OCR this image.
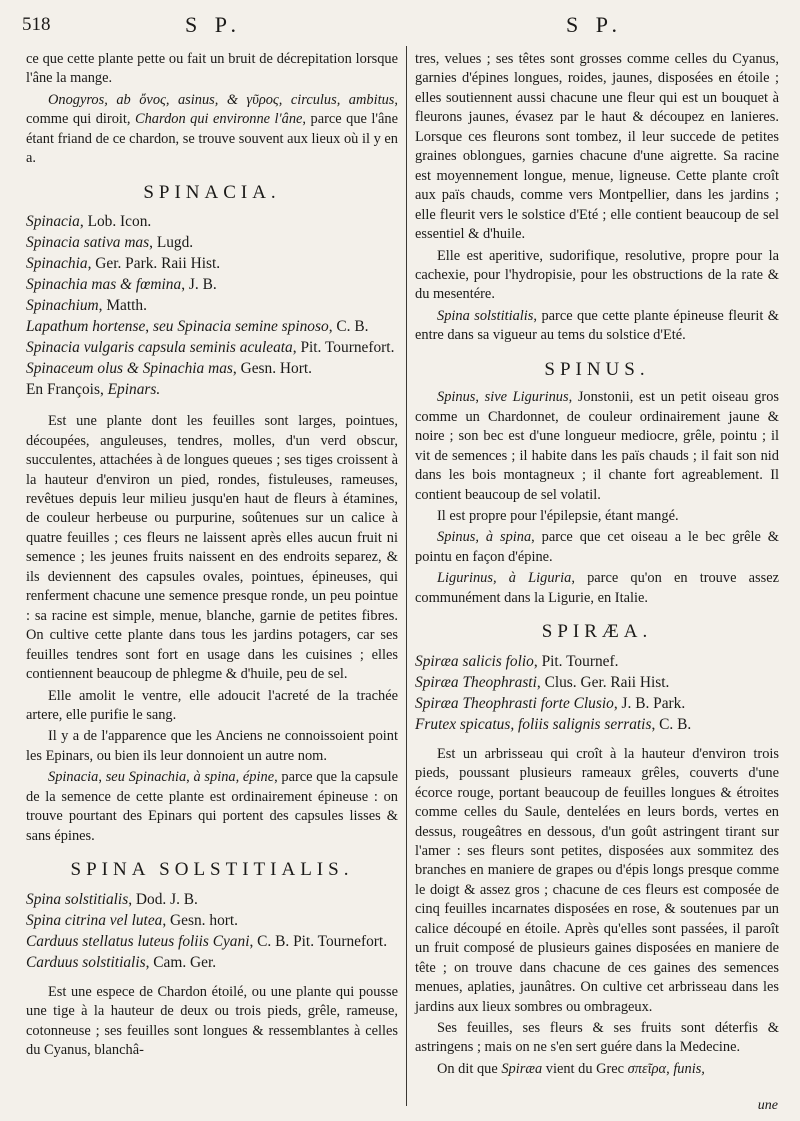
518	S P.	S P.

ce que cette plante pette ou fait un bruit de décrepitation lorsque l'âne la mange.

Onogyros, ab ὄνος, asinus, & γῦρος, circulus, ambitus, comme qui diroit, Chardon qui environne l'âne, parce que l'âne étant friand de ce chardon, se trouve souvent aux lieux où il y en a.

SPINACIA.

Spinacia, Lob. Icon.

Spinacia sativa mas, Lugd.

Spinachia, Ger. Park. Raii Hist.

Spinachia mas & fœmina, J. B.

Spinachium, Matth.

Lapathum hortense, seu Spinacia semine spinoso, C. B.

Spinacia vulgaris capsula seminis aculeata, Pit. Tournefort.

Spinaceum olus & Spinachia mas, Gesn. Hort.

En François, Epinars.

Est une plante dont les feuilles sont larges, pointues, découpées, anguleuses, tendres, molles, d'un verd obscur, succulentes, attachées à de longues queues ; ses tiges croissent à la hauteur d'environ un pied, rondes, fistuleuses, rameuses, revêtues depuis leur milieu jusqu'en haut de fleurs à étamines, de couleur herbeuse ou purpurine, soûtenues sur un calice à quatre feuilles ; ces fleurs ne laissent après elles aucun fruit ni semence ; les jeunes fruits naissent en des endroits separez, & ils deviennent des capsules ovales, pointues, épineuses, qui renferment chacune une semence presque ronde, un peu pointue : sa racine est simple, menue, blanche, garnie de petites fibres. On cultive cette plante dans tous les jardins potagers, car ses feuilles tendres sont fort en usage dans les cuisines ; elles contiennent beaucoup de phlegme & d'huile, peu de sel.

Elle amolit le ventre, elle adoucit l'acreté de la trachée artere, elle purifie le sang.

Il y a de l'apparence que les Anciens ne connoissoient point les Epinars, ou bien ils leur donnoient un autre nom.

Spinacia, seu Spinachia, à spina, épine, parce que la capsule de la semence de cette plante est ordinairement épineuse : on trouve pourtant des Epinars qui portent des capsules lisses & sans épines.

SPINA SOLSTITIALIS.

Spina solstitialis, Dod. J. B.

Spina citrina vel lutea, Gesn. hort.

Carduus stellatus luteus foliis Cyani, C. B. Pit. Tournefort.

Carduus solstitialis, Cam. Ger.

Est une espece de Chardon étoilé, ou une plante qui pousse une tige à la hauteur de deux ou trois pieds, grêle, rameuse, cotonneuse ; ses feuilles sont longues & ressemblantes à celles du Cyanus, blanchâ-

tres, velues ; ses têtes sont grosses comme celles du Cyanus, garnies d'épines longues, roides, jaunes, disposées en étoile ; elles soutiennent aussi chacune une fleur qui est un bouquet à fleurons jaunes, évasez par le haut & découpez en lanieres. Lorsque ces fleurons sont tombez, il leur succede de petites graines oblongues, garnies chacune d'une aigrette. Sa racine est moyennement longue, menue, ligneuse. Cette plante croît aux païs chauds, comme vers Montpellier, dans les jardins ; elle fleurit vers le solstice d'Eté ; elle contient beaucoup de sel essentiel & d'huile.

Elle est aperitive, sudorifique, resolutive, propre pour la cachexie, pour l'hydropisie, pour les obstructions de la rate & du mesentére.

Spina solstitialis, parce que cette plante épineuse fleurit & entre dans sa vigueur au tems du solstice d'Eté.

SPINUS.

Spinus, sive Ligurinus, Jonstonii, est un petit oiseau gros comme un Chardonnet, de couleur ordinairement jaune & noire ; son bec est d'une longueur mediocre, grêle, pointu ; il vit de semences ; il habite dans les païs chauds ; il fait son nid dans les bois montagneux ; il chante fort agreablement. Il contient beaucoup de sel volatil.

Il est propre pour l'épilepsie, étant mangé.

Spinus, à spina, parce que cet oiseau a le bec grêle & pointu en façon d'épine.

Ligurinus, à Liguria, parce qu'on en trouve assez communément dans la Ligurie, en Italie.

SPIRÆA.

Spiræa salicis folio, Pit. Tournef.

Spiræa Theophrasti, Clus. Ger. Raii Hist.

Spiræa Theophrasti forte Clusio, J. B. Park.

Frutex spicatus, foliis salignis serratis, C. B.

Est un arbrisseau qui croît à la hauteur d'environ trois pieds, poussant plusieurs rameaux grêles, couverts d'une écorce rouge, portant beaucoup de feuilles longues & étroites comme celles du Saule, dentelées en leurs bords, vertes en dessus, rougeâtres en dessous, d'un goût astringent tirant sur l'amer : ses fleurs sont petites, disposées aux sommitez des branches en maniere de grapes ou d'épis longs presque comme le doigt & assez gros ; chacune de ces fleurs est composée de cinq feuilles incarnates disposées en rose, & soutenues par un calice découpé en étoile. Après qu'elles sont passées, il paroît un fruit composé de plusieurs gaines disposées en maniere de tête ; on trouve dans chacune de ces gaines des semences menues, aplaties, jaunâtres. On cultive cet arbrisseau dans les jardins aux lieux sombres ou ombrageux.

Ses feuilles, ses fleurs & ses fruits sont déterfis & astringens ; mais on ne s'en sert guére dans la Medecine.

On dit que Spiræa vient du Grec σπεῖρα, funis,

une
